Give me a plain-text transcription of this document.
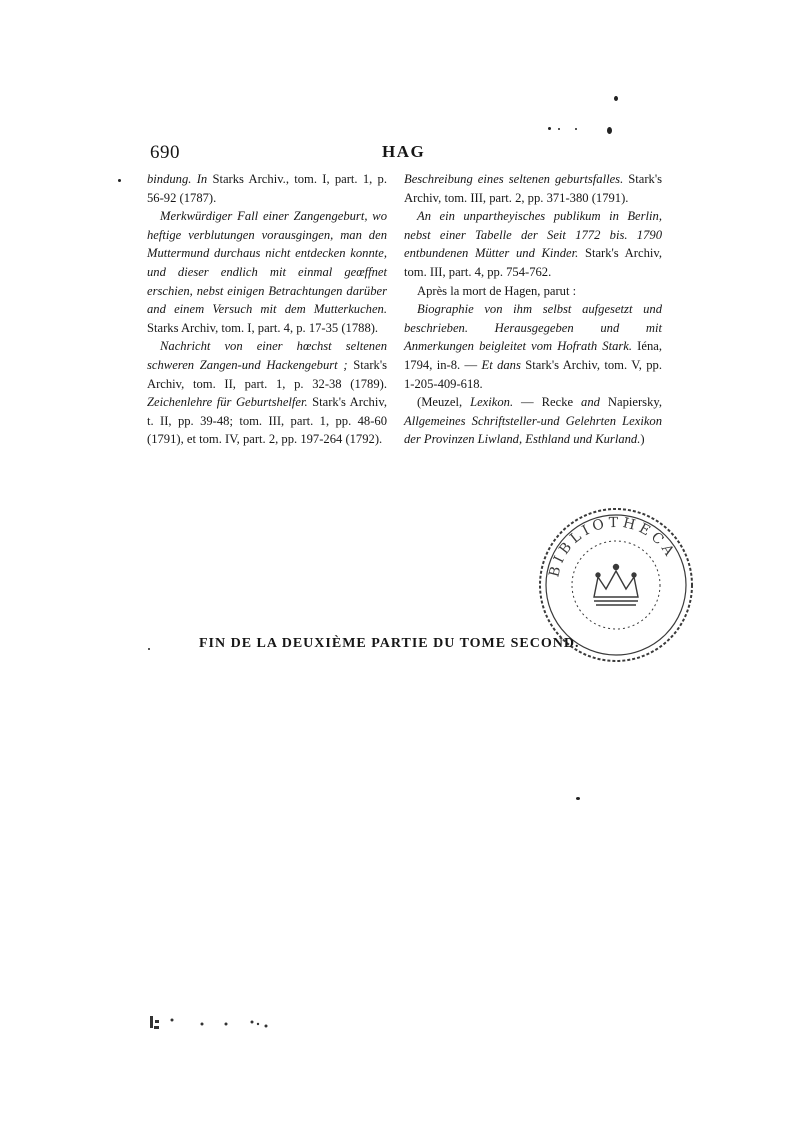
690	HAG

bindung. In Starks Archiv., tom. I, part. 1, p. 56-92 (1787).

Merkwürdiger Fall einer Zangengeburt, wo heftige verblutungen vorausgingen, man den Muttermund durchaus nicht entdecken konnte, und dieser endlich mit einmal geœffnet erschien, nebst einigen Betrachtungen darüber and einem Versuch mit dem Mutterkuchen. Starks Archiv, tom. I, part. 4, p. 17-35 (1788).

Nachricht von einer hœchst seltenen schweren Zangen-und Hackengeburt ; Stark's Archiv, tom. II, part. 1, p. 32-38 (1789). Zeichenlehre für Geburtshelfer. Stark's Archiv, t. II, pp. 39-48; tom. III, part. 1, pp. 48-60 (1791), et tom. IV, part. 2, pp. 197-264 (1792).

Beschreibung eines seltenen geburtsfalles. Stark's Archiv, tom. III, part. 2, pp. 371-380 (1791).

An ein unpartheyisches publikum in Berlin, nebst einer Tabelle der Seit 1772 bis. 1790 entbundenen Mütter und Kinder. Stark's Archiv, tom. III, part. 4, pp. 754-762.

Après la mort de Hagen, parut :

Biographie von ihm selbst aufgesetzt und beschrieben. Herausgegeben und mit Anmerkungen beigleitet vom Hofrath Stark. Iéna, 1794, in-8. — Et dans Stark's Archiv, tom. V, pp. 1-205-409-618.

(Meuzel, Lexikon. — Recke and Napiersky, Allgemeines Schriftsteller-und Gelehrten Lexikon der Provinzen Liwland, Esthland und Kurland.)

BIBLIOTHECA
FIN DE LA DEUXIÈME PARTIE DU TOME SECOND.
